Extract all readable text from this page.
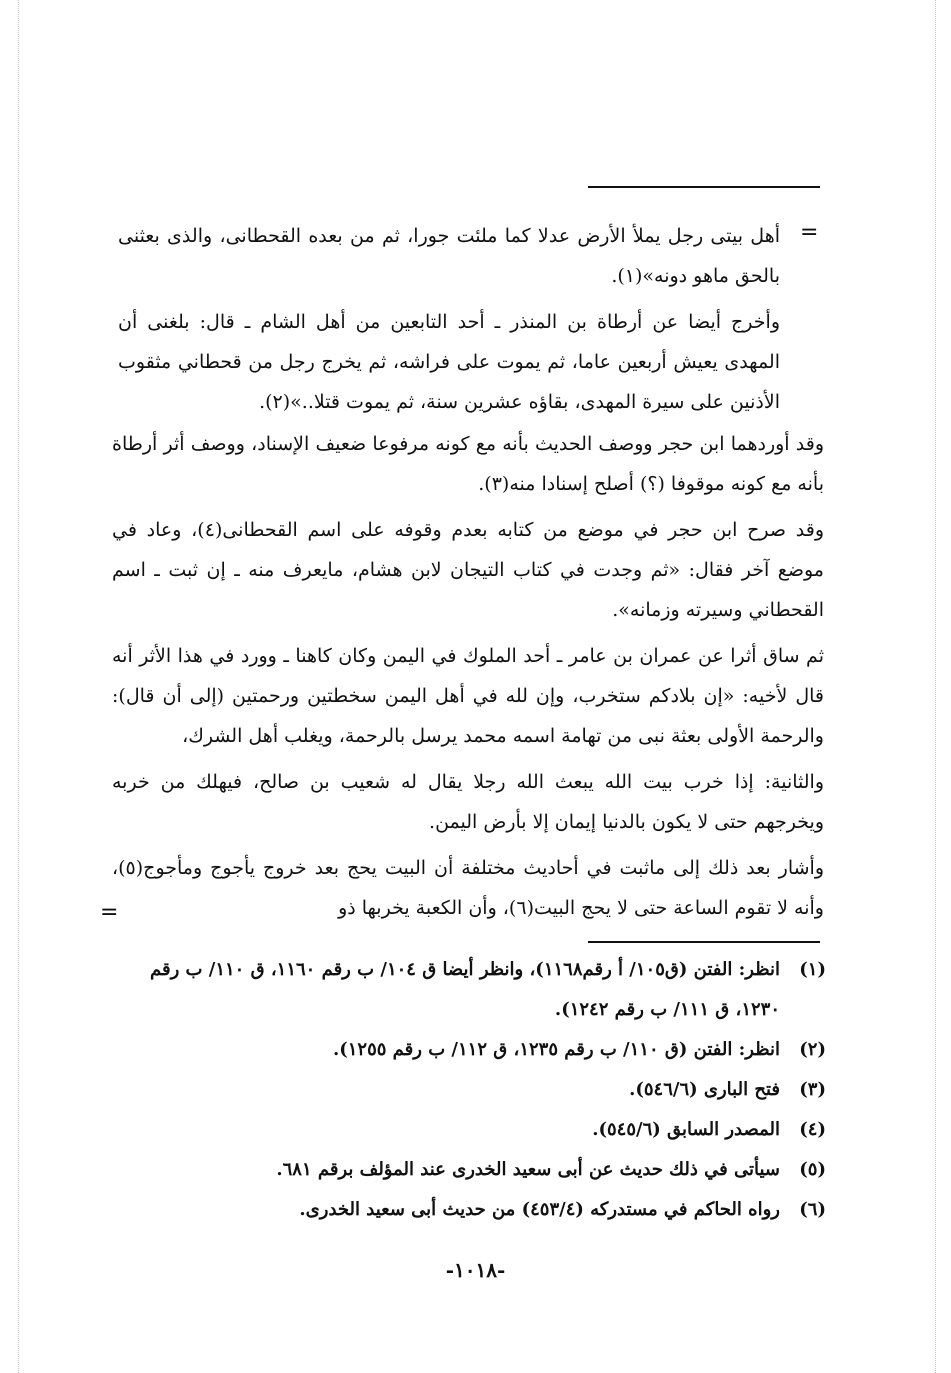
=

أهل بيتى رجل يملأ الأرض عدلا كما ملئت جورا، ثم من بعده القحطانى، والذى بعثنى بالحق ماهو دونه»(١).

وأخرج أيضا عن أرطاة بن المنذر ـ أحد التابعين من أهل الشام ـ قال: بلغنى أن المهدى يعيش أربعين عاما، ثم يموت على فراشه، ثم يخرج رجل من قحطاني مثقوب الأذنين على سيرة المهدى، بقاؤه عشرين سنة، ثم يموت قتلا..»(٢).

وقد أوردهما ابن حجر ووصف الحديث بأنه مع كونه مرفوعا ضعيف الإسناد، ووصف أثر أرطاة بأنه مع كونه موقوفا (؟) أصلح إسنادا منه(٣).

وقد صرح ابن حجر في موضع من كتابه بعدم وقوفه على اسم القحطانى(٤)، وعاد في موضع آخر فقال: «ثم وجدت في كتاب التيجان لابن هشام، مايعرف منه ـ إن ثبت ـ اسم القحطاني وسيرته وزمانه».

ثم ساق أثرا عن عمران بن عامر ـ أحد الملوك في اليمن وكان كاهنا ـ وورد في هذا الأثر أنه قال لأخيه: «إن بلادكم ستخرب، وإن لله في أهل اليمن سخطتين ورحمتين (إلى أن قال): والرحمة الأولى بعثة نبى من تهامة اسمه محمد يرسل بالرحمة، ويغلب أهل الشرك،

والثانية: إذا خرب بيت الله يبعث الله رجلا يقال له شعيب بن صالح، فيهلك من خربه ويخرجهم حتى لا يكون بالدنيا إيمان إلا بأرض اليمن.

وأشار بعد ذلك إلى ماثبت في أحاديث مختلفة أن البيت يحج بعد خروج يأجوج ومأجوج(٥)، وأنه لا تقوم الساعة حتى لا يحج البيت(٦)، وأن الكعبة يخربها ذو

=
(١)
انظر: الفتن (ق١٠٥/ أ رقم١١٦٨)، وانظر أيضا ق ١٠٤/ ب رقم ١١٦٠، ق ١١٠/ ب رقم ١٢٣٠، ق ١١١/ ب رقم ١٢٤٢).
(٢)
انظر: الفتن (ق ١١٠/ ب رقم ١٢٣٥، ق ١١٢/ ب رقم ١٢٥٥).
(٣)
فتح البارى (٥٤٦/٦).
(٤)
المصدر السابق (٥٤٥/٦).
(٥)
سيأتى في ذلك حديث عن أبى سعيد الخدرى عند المؤلف برقم ٦٨١.
(٦)
رواه الحاكم في مستدركه (٤٥٣/٤) من حديث أبى سعيد الخدرى.
-١٠١٨-
